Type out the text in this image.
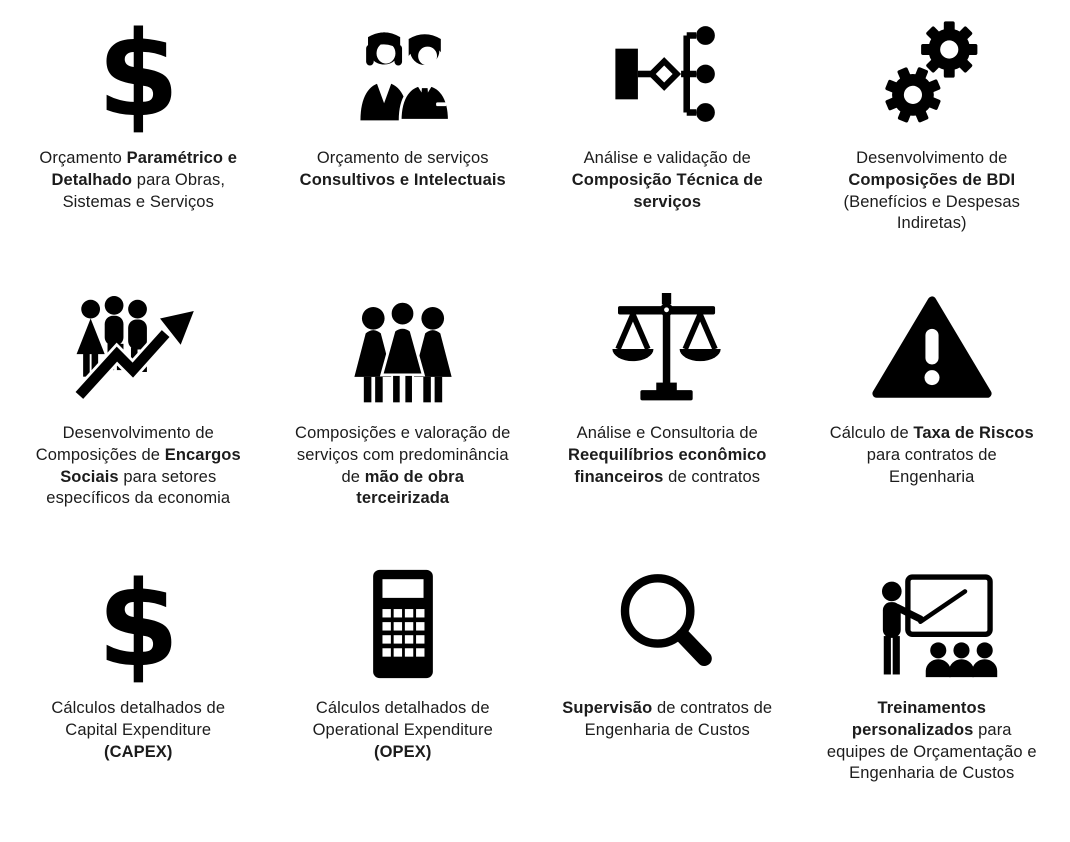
$

Orçamento Paramétrico e Detalhado para Obras, Sistemas e Serviços

Orçamento de serviços Consultivos e Intelectuais

Análise e validação de Composição Técnica de serviços

Desenvolvimento de Composições de BDI (Benefícios e Despesas Indiretas)

Desenvolvimento de Composições de Encargos Sociais para setores específicos da economia

Composições e valoração de serviços com predominância de mão de obra terceirizada

Análise e Consultoria de Reequilíbrios econômico financeiros de contratos

Cálculo de Taxa de Riscos para contratos de Engenharia

$

Cálculos detalhados de Capital Expenditure (CAPEX)

Cálculos detalhados de Operational Expenditure (OPEX)

Supervisão de contratos de Engenharia de Custos

Treinamentos personalizados para equipes de Orçamentação e Engenharia de Custos
